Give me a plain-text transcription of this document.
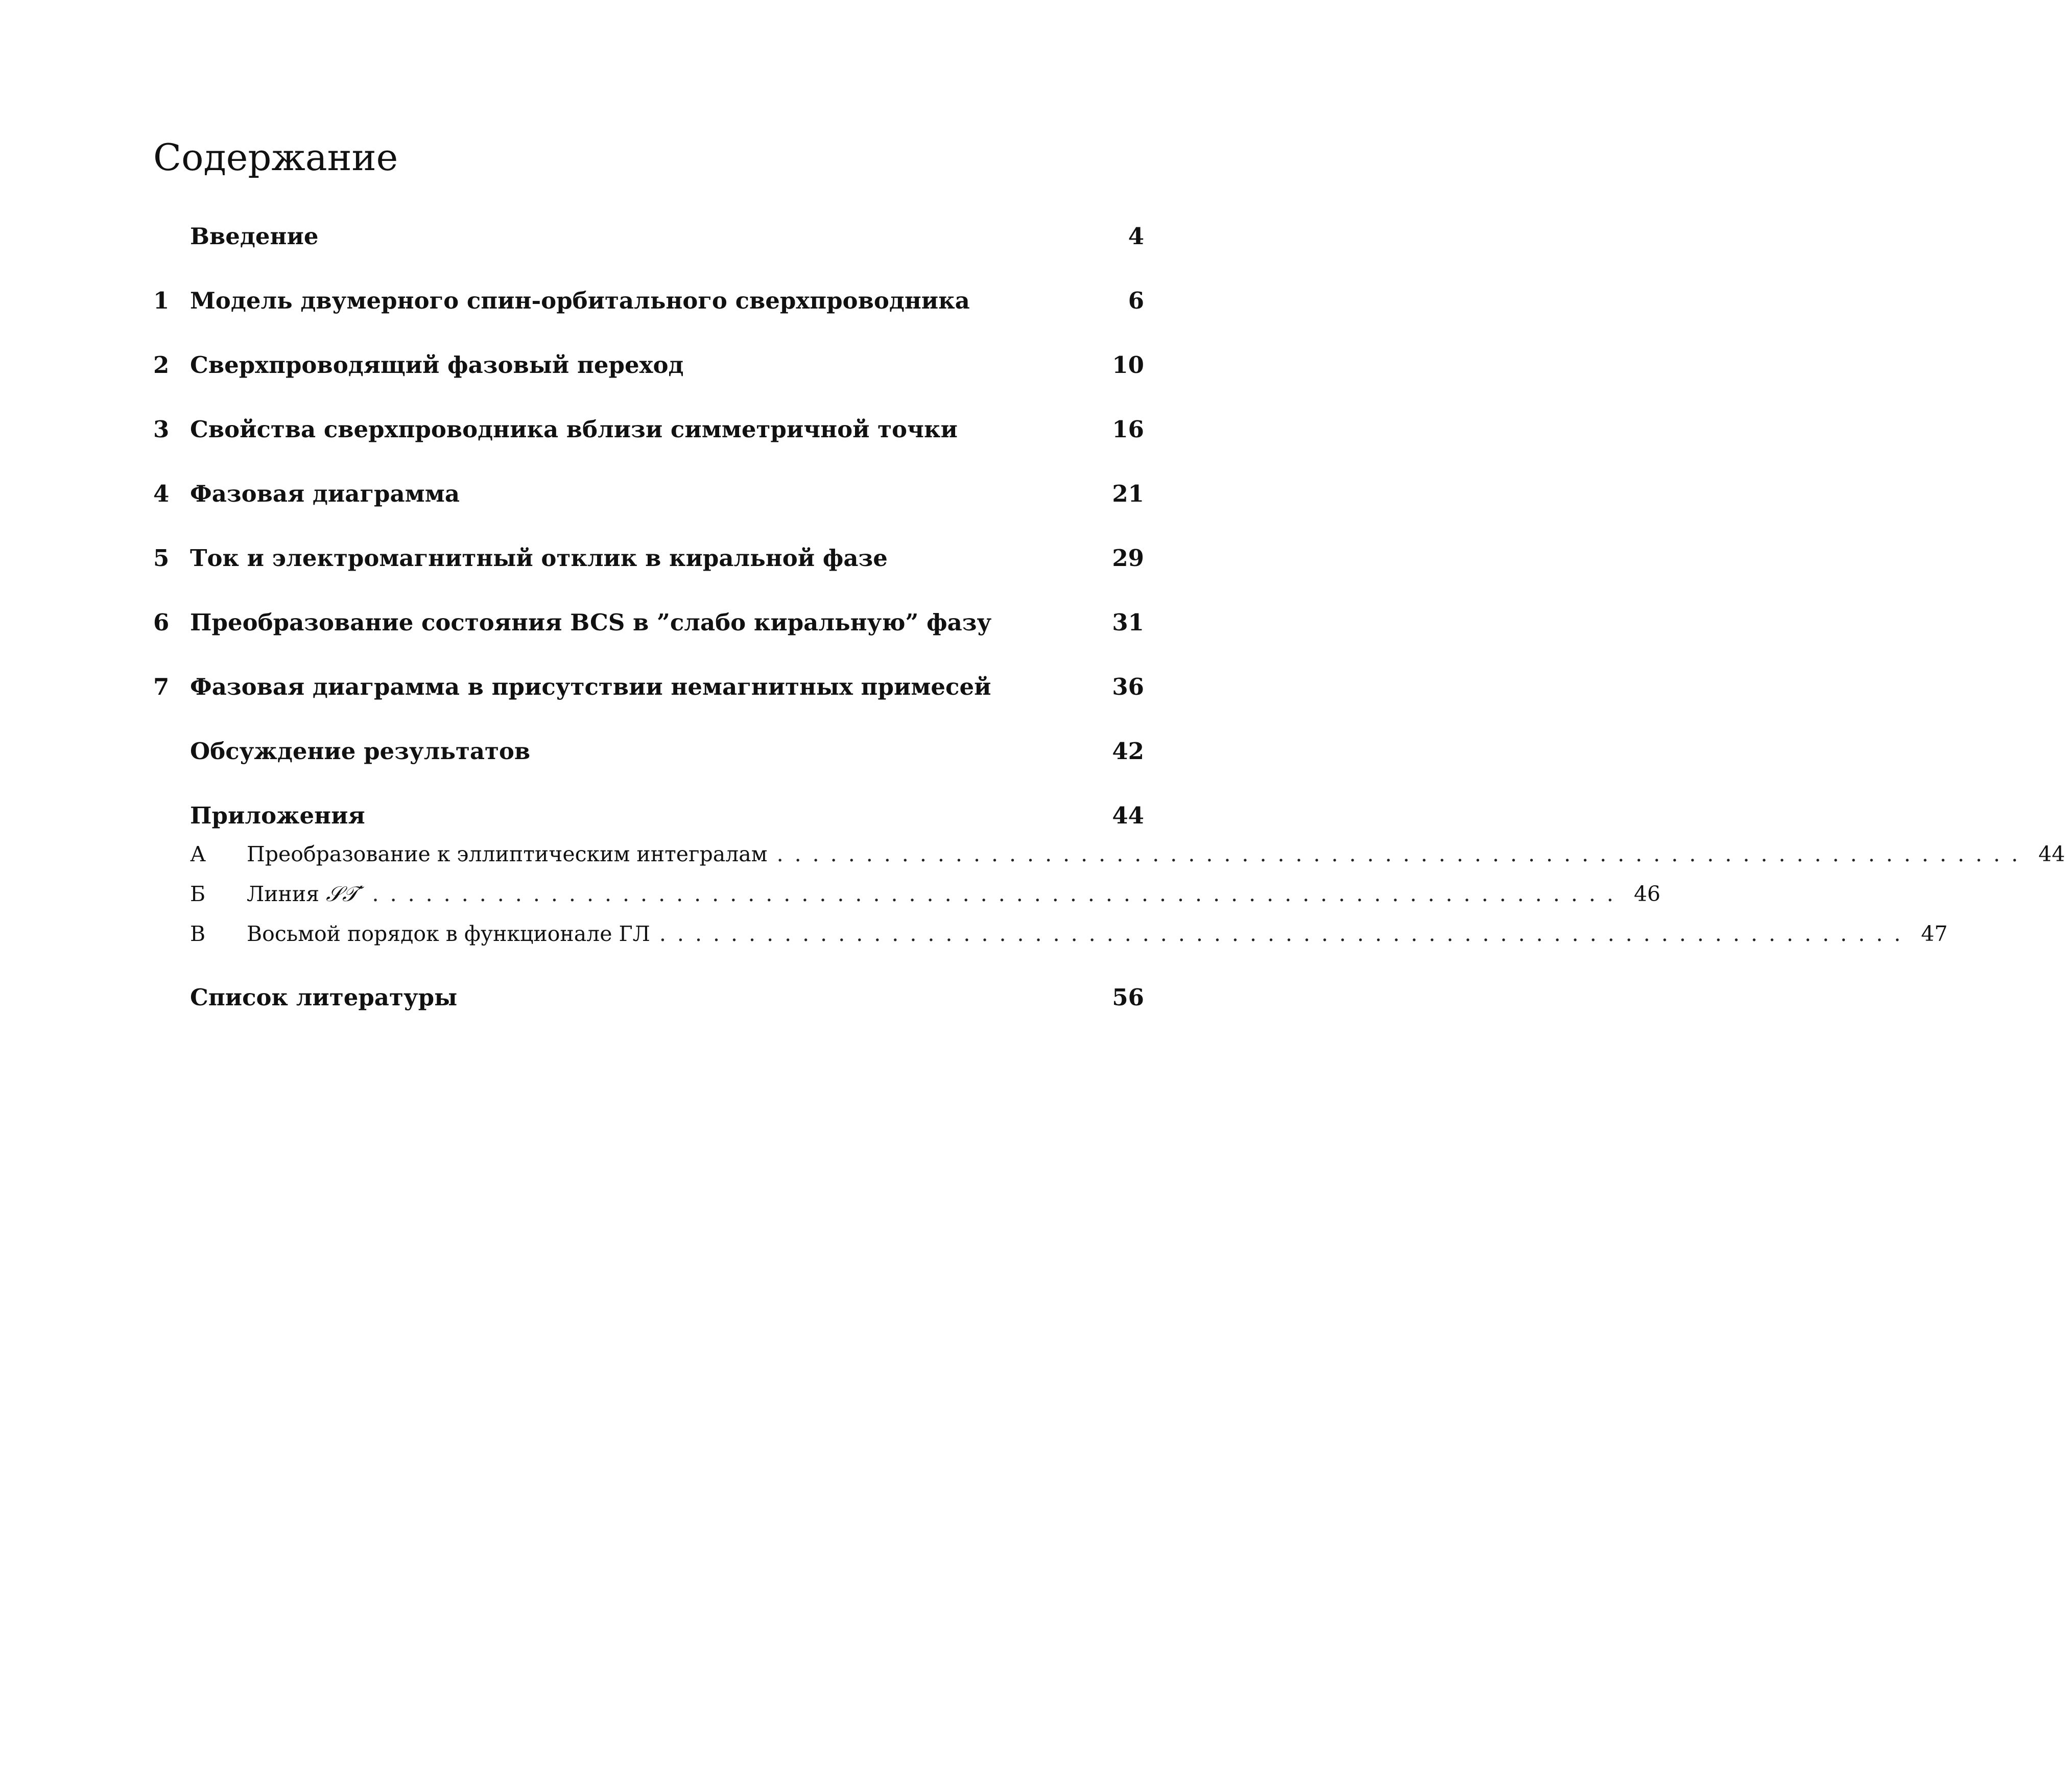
Содержание
Введение	4
1 Модель двумерного спин-орбитального сверхпроводника	6
2 Сверхпроводящий фазовый переход	10
3 Свойства сверхпроводника вблизи симметричной точки	16
4 Фазовая диаграмма	21
5 Ток и электромагнитный отклик в киральной фазе	29
6 Преобразование состояния BCS в ”слабо киральную” фазу	31
7 Фазовая диаграмма в присутствии немагнитных примесей	36
Обсуждение результатов	42
Приложения	44
А	Преобразование к эллиптическим интегралам ...................................................................... 44
Б	Линия 𝒮𝒯′ ...................................................................... 46
В	Восьмой порядок в функционале ГЛ ...................................................................... 47
Список литературы	56
